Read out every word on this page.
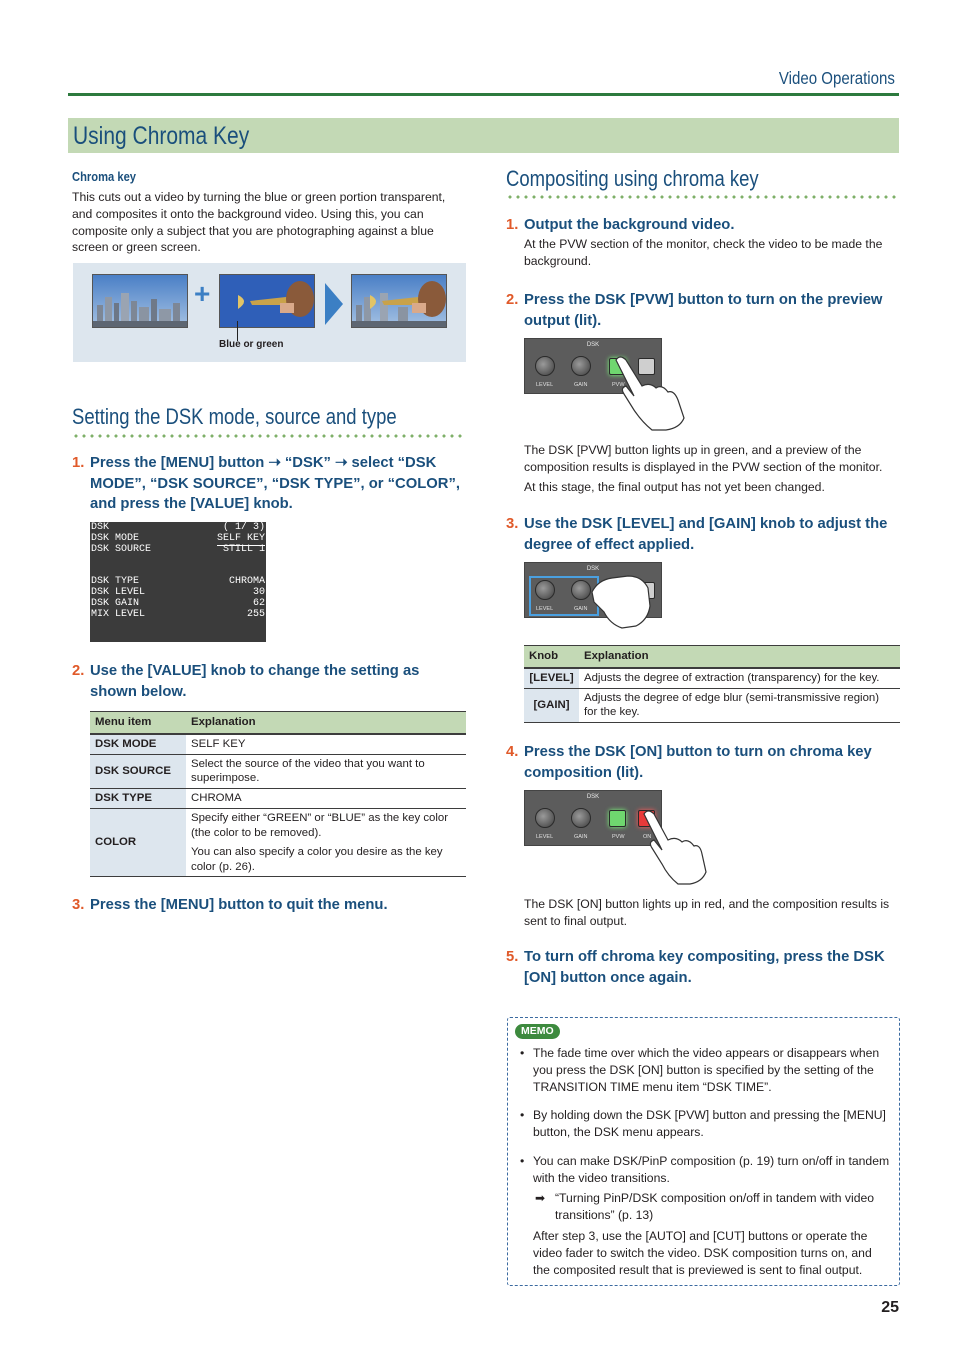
Video Operations
Using Chroma Key
Chroma key
This cuts out a video by turning the blue or green portion transparent, and composites it onto the background video. Using this, you can composite only a subject that you are photographing against a blue screen or green screen.
+
Blue or green
Setting the DSK mode, source and type
1. Press the [MENU] button ➝ “DSK” ➝ select “DSK MODE”, “DSK SOURCE”, “DSK TYPE”, or “COLOR”, and press the [VALUE] knob.
DSK	( 1/ 3)
DSK MODE	SELF KEY
DSK SOURCE	STILL 1
DSK TYPE	CHROMA
DSK LEVEL	30
DSK GAIN	62
MIX LEVEL	255
2. Use the [VALUE] knob to change the setting as shown below.
Menu item	Explanation
DSK MODE	SELF KEY
DSK SOURCE	Select the source of the video that you want to superimpose.
DSK TYPE	CHROMA
COLOR	Specify either “GREEN” or “BLUE” as the key color (the color to be removed).
You can also specify a color you desire as the key color (p. 26).
3. Press the [MENU] button to quit the menu.
Compositing using chroma key
1. Output the background video.
At the PVW section of the monitor, check the video to be made the background.
2. Press the DSK [PVW] button to turn on the preview output (lit).
DSK
LEVEL	GAIN	PVW
The DSK [PVW] button lights up in green, and a preview of the composition results is displayed in the PVW section of the monitor.
At this stage, the final output has not yet been changed.
3. Use the DSK [LEVEL] and [GAIN] knob to adjust the degree of effect applied.
DSK
LEVEL	GAIN
Knob	Explanation
[LEVEL]	Adjusts the degree of extraction (transparency) for the key.
[GAIN]	Adjusts the degree of edge blur (semi-transmissive region) for the key.
4. Press the DSK [ON] button to turn on chroma key composition (lit).
DSK
LEVEL	GAIN	PVW	ON
The DSK [ON] button lights up in red, and the composition results is sent to final output.
5. To turn off chroma key compositing, press the DSK [ON] button once again.
MEMO
• The fade time over which the video appears or disappears when you press the DSK [ON] button is specified by the setting of the TRANSITION TIME menu item “DSK TIME”.
• By holding down the DSK [PVW] button and pressing the [MENU] button, the DSK menu appears.
• You can make DSK/PinP composition (p. 19) turn on/off in tandem with the video transitions.
➡ “Turning PinP/DSK composition on/off in tandem with video transitions” (p. 13)
After step 3, use the [AUTO] and [CUT] buttons or operate the video fader to switch the video. DSK composition turns on, and the composited result that is previewed is sent to final output.
25
